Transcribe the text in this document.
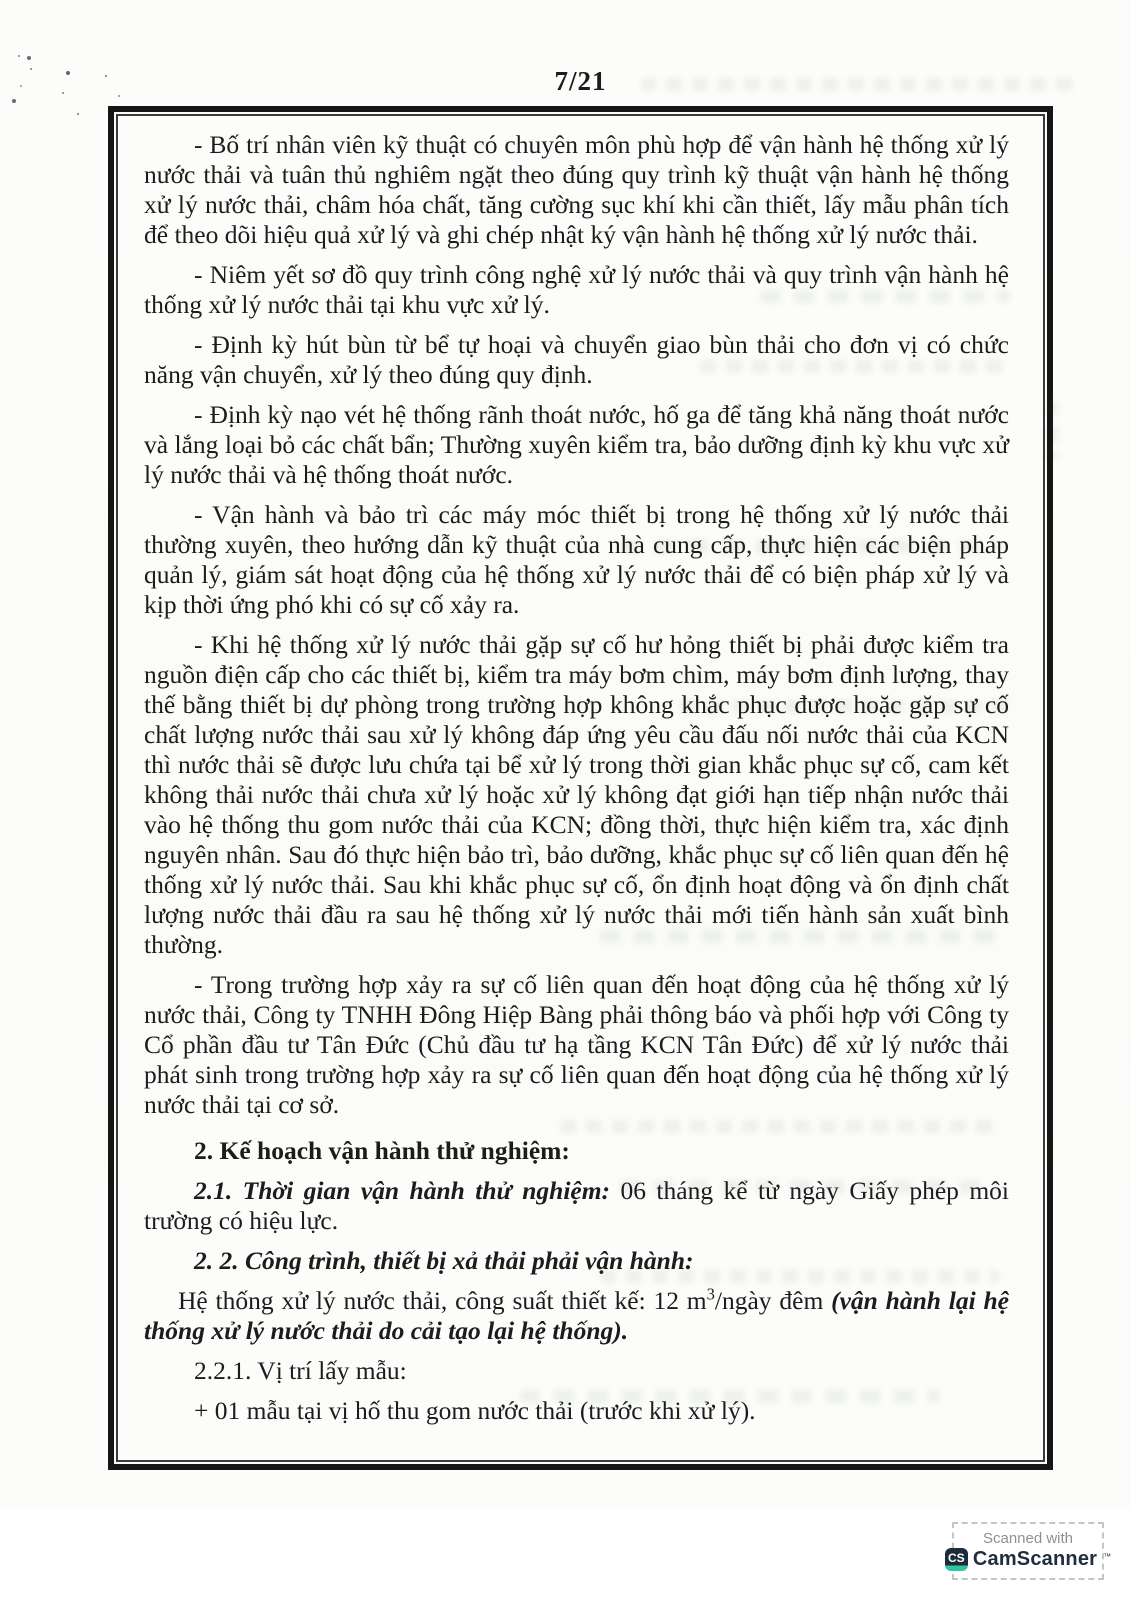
7/21

- Bố trí nhân viên kỹ thuật có chuyên môn phù hợp để vận hành hệ thống xử lý nước thải và tuân thủ nghiêm ngặt theo đúng quy trình kỹ thuật vận hành hệ thống xử lý nước thải, châm hóa chất, tăng cường sục khí khi cần thiết, lấy mẫu phân tích để theo dõi hiệu quả xử lý và ghi chép nhật ký vận hành hệ thống xử lý nước thải.

- Niêm yết sơ đồ quy trình công nghệ xử lý nước thải và quy trình vận hành hệ thống xử lý nước thải tại khu vực xử lý.

- Định kỳ hút bùn từ bể tự hoại và chuyển giao bùn thải cho đơn vị có chức năng vận chuyển, xử lý theo đúng quy định.

- Định kỳ nạo vét hệ thống rãnh thoát nước, hố ga để tăng khả năng thoát nước và lắng loại bỏ các chất bẩn; Thường xuyên kiểm tra, bảo dưỡng định kỳ khu vực xử lý nước thải và hệ thống thoát nước.

- Vận hành và bảo trì các máy móc thiết bị trong hệ thống xử lý nước thải thường xuyên, theo hướng dẫn kỹ thuật của nhà cung cấp, thực hiện các biện pháp quản lý, giám sát hoạt động của hệ thống xử lý nước thải để có biện pháp xử lý và kịp thời ứng phó khi có sự cố xảy ra.

- Khi hệ thống xử lý nước thải gặp sự cố hư hỏng thiết bị phải được kiểm tra nguồn điện cấp cho các thiết bị, kiểm tra máy bơm chìm, máy bơm định lượng, thay thế bằng thiết bị dự phòng trong trường hợp không khắc phục được hoặc gặp sự cố chất lượng nước thải sau xử lý không đáp ứng yêu cầu đấu nối nước thải của KCN thì nước thải sẽ được lưu chứa tại bể xử lý trong thời gian khắc phục sự cố, cam kết không thải nước thải chưa xử lý hoặc xử lý không đạt giới hạn tiếp nhận nước thải vào hệ thống thu gom nước thải của KCN; đồng thời, thực hiện kiểm tra, xác định nguyên nhân. Sau đó thực hiện bảo trì, bảo dưỡng, khắc phục sự cố liên quan đến hệ thống xử lý nước thải. Sau khi khắc phục sự cố, ổn định hoạt động và ổn định chất lượng nước thải đầu ra sau hệ thống xử lý nước thải mới tiến hành sản xuất bình thường.

- Trong trường hợp xảy ra sự cố liên quan đến hoạt động của hệ thống xử lý nước thải, Công ty TNHH Đông Hiệp Bàng phải thông báo và phối hợp với Công ty Cổ phần đầu tư Tân Đức (Chủ đầu tư hạ tầng KCN Tân Đức) để xử lý nước thải phát sinh trong trường hợp xảy ra sự cố liên quan đến hoạt động của hệ thống xử lý nước thải tại cơ sở.

2. Kế hoạch vận hành thử nghiệm:

2.1. Thời gian vận hành thử nghiệm: 06 tháng kể từ ngày Giấy phép môi trường có hiệu lực.

2. 2. Công trình, thiết bị xả thải phải vận hành:

Hệ thống xử lý nước thải, công suất thiết kế: 12 $m^3$/ngày đêm (vận hành lại hệ thống xử lý nước thải do cải tạo lại hệ thống).

2.2.1. Vị trí lấy mẫu:

+ 01 mẫu tại vị hố thu gom nước thải (trước khi xử lý).

Scanned with
CS CamScanner ™
